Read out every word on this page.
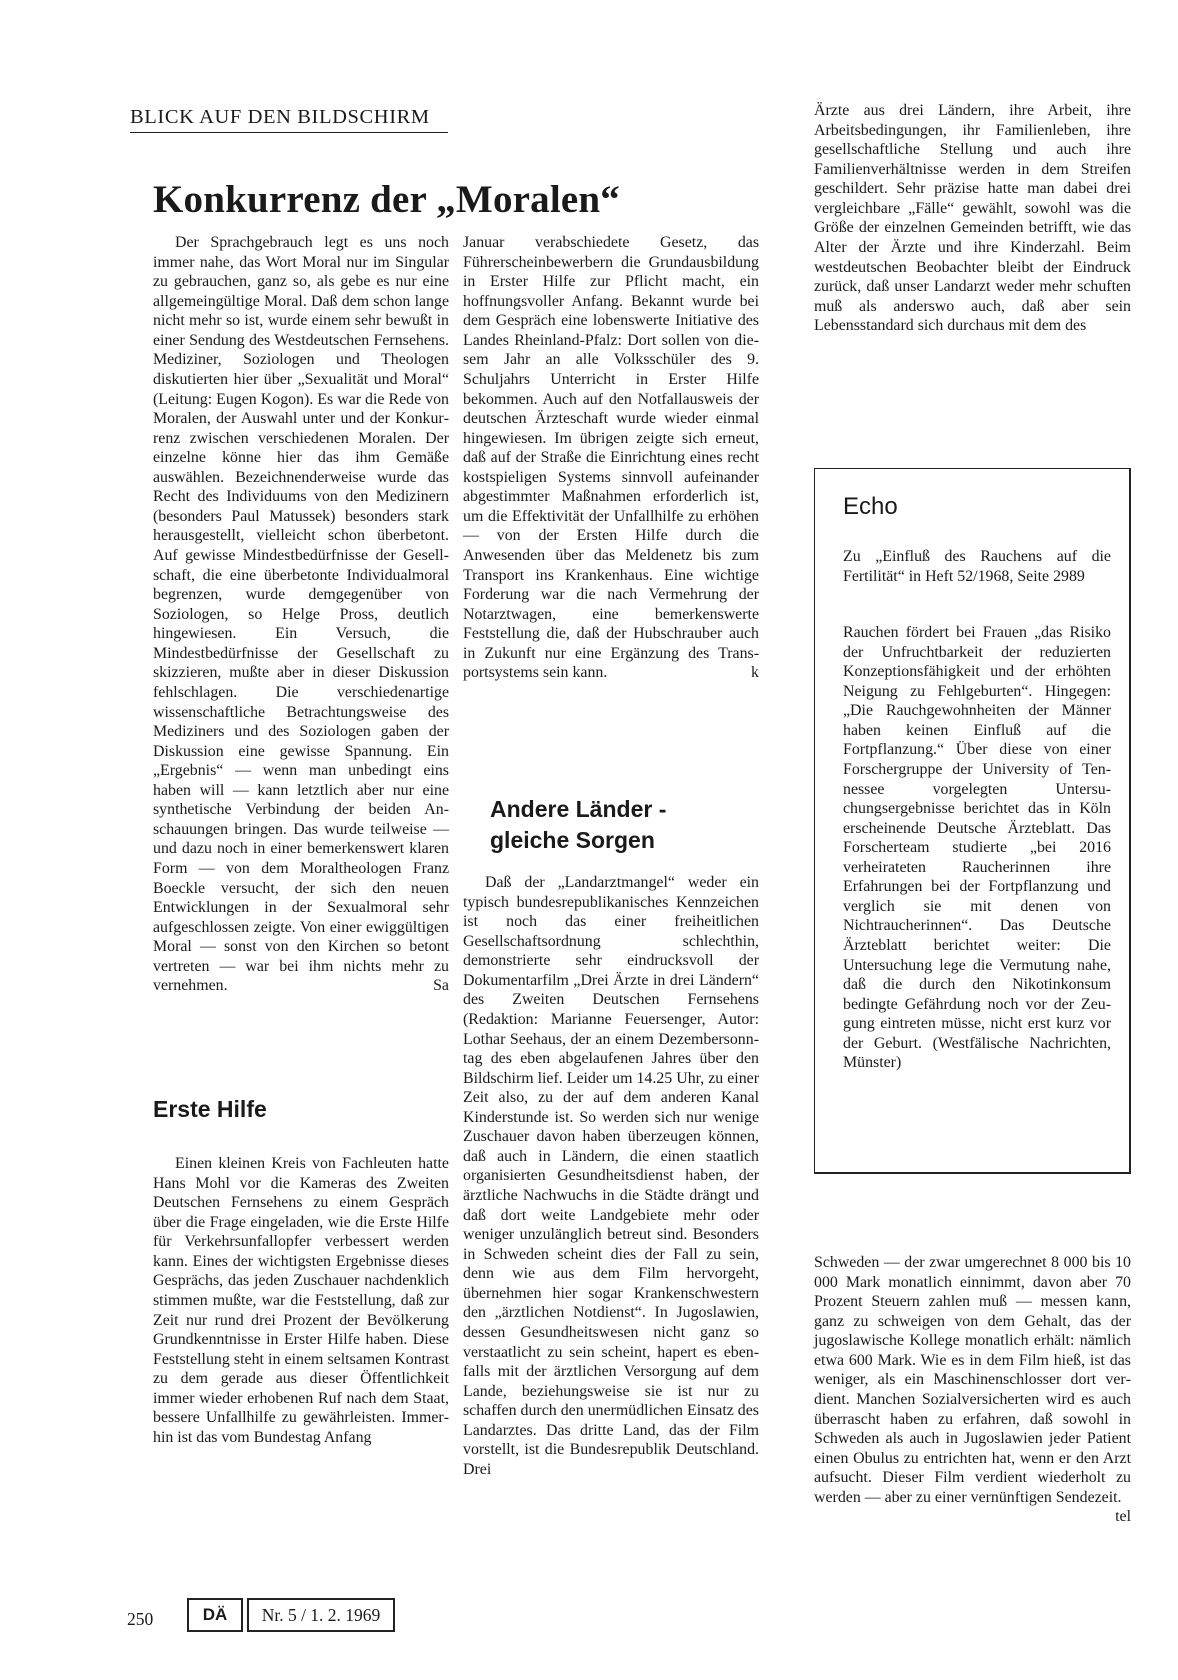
BLICK AUF DEN BILDSCHIRM
Konkurrenz der „Moralen“

Der Sprachgebrauch legt es uns noch immer nahe, das Wort Moral nur im Singular zu gebrauchen, ganz so, als gebe es nur eine allgemeingültige Moral. Daß dem schon lange nicht mehr so ist, wurde einem sehr bewußt in einer Sendung des Westdeutschen Fernsehens. Mediziner, Soziologen und Theologen diskutierten hier über „Sexualität und Moral“ (Leitung: Eugen Kogon). Es war die Rede von Moralen, der Auswahl unter und der Konkurrenz zwischen verschiedenen Moralen. Der einzelne könne hier das ihm Gemäße auswählen. Bezeichnenderweise wurde das Recht des Individuums von den Medizinern (besonders Paul Matussek) besonders stark herausgestellt, vielleicht schon überbetont. Auf gewisse Mindestbedürfnisse der Gesellschaft, die eine überbetonte Individualmoral begrenzen, wurde demgegenüber von Soziologen, so Helge Pross, deutlich hingewiesen. Ein Versuch, die Mindestbedürfnisse der Gesellschaft zu skizzieren, mußte aber in dieser Diskussion fehlschlagen. Die verschiedenartige wissenschaftliche Betrachtungsweise des Mediziners und des Soziologen gaben der Diskussion eine gewisse Spannung. Ein „Ergebnis“ — wenn man unbedingt eins haben will — kann letztlich aber nur eine synthetische Verbindung der beiden Anschauungen bringen. Das wurde teilweise — und dazu noch in einer bemerkenswert klaren Form — von dem Moraltheologen Franz Boeckle versucht, der sich den neuen Entwicklungen in der Sexualmoral sehr aufgeschlossen zeigte. Von einer ewiggültigen Moral — sonst von den Kirchen so betont vertreten — war bei ihm nichts mehr zu vernehmen.	Sa

Erste Hilfe

Einen kleinen Kreis von Fachleuten hatte Hans Mohl vor die Kameras des Zweiten Deutschen Fernsehens zu einem Gespräch über die Frage eingeladen, wie die Erste Hilfe für Verkehrsunfallopfer verbessert werden kann. Eines der wichtigsten Ergebnisse dieses Gesprächs, das jeden Zuschauer nachdenklich stimmen mußte, war die Feststellung, daß zur Zeit nur rund drei Prozent der Bevölkerung Grundkenntnisse in Erster Hilfe haben. Diese Feststellung steht in einem seltsamen Kontrast zu dem gerade aus dieser Öffentlichkeit immer wieder erhobenen Ruf nach dem Staat, bessere Unfallhilfe zu gewährleisten. Immerhin ist das vom Bundestag Anfang

Januar verabschiedete Gesetz, das Führerscheinbewerbern die Grundausbildung in Erster Hilfe zur Pflicht macht, ein hoffnungsvoller Anfang. Bekannt wurde bei dem Gespräch eine lobenswerte Initiative des Landes Rheinland-Pfalz: Dort sollen von diesem Jahr an alle Volksschüler des 9. Schuljahrs Unterricht in Erster Hilfe bekommen. Auch auf den Notfallausweis der deutschen Ärzteschaft wurde wieder einmal hingewiesen. Im übrigen zeigte sich erneut, daß auf der Straße die Einrichtung eines recht kostspieligen Systems sinnvoll aufeinander abgestimmter Maßnahmen erforderlich ist, um die Effektivität der Unfallhilfe zu erhöhen — von der Ersten Hilfe durch die Anwesenden über das Meldenetz bis zum Transport ins Krankenhaus. Eine wichtige Forderung war die nach Vermehrung der Notarztwagen, eine bemerkenswerte Feststellung die, daß der Hubschrauber auch in Zukunft nur eine Ergänzung des Transportsystems sein kann.	k

Andere Länder -
gleiche Sorgen

Daß der „Landarztmangel“ weder ein typisch bundesrepublikanisches Kennzeichen ist noch das einer freiheitlichen Gesellschaftsordnung schlechthin, demonstrierte sehr eindrucksvoll der Dokumentarfilm „Drei Ärzte in drei Ländern“ des Zweiten Deutschen Fernsehens (Redaktion: Marianne Feuersenger, Autor: Lothar Seehaus, der an einem Dezembersonntag des eben abgelaufenen Jahres über den Bildschirm lief. Leider um 14.25 Uhr, zu einer Zeit also, zu der auf dem anderen Kanal Kinderstunde ist. So werden sich nur wenige Zuschauer davon haben überzeugen können, daß auch in Ländern, die einen staatlich organisierten Gesundheitsdienst haben, der ärztliche Nachwuchs in die Städte drängt und daß dort weite Landgebiete mehr oder weniger unzulänglich betreut sind. Besonders in Schweden scheint dies der Fall zu sein, denn wie aus dem Film hervorgeht, übernehmen hier sogar Krankenschwestern den „ärztlichen Notdienst“. In Jugoslawien, dessen Gesundheitswesen nicht ganz so verstaatlicht zu sein scheint, hapert es ebenfalls mit der ärztlichen Versorgung auf dem Lande, beziehungsweise sie ist nur zu schaffen durch den unermüdlichen Einsatz des Landarztes. Das dritte Land, das der Film vorstellt, ist die Bundesrepublik Deutschland. Drei

Ärzte aus drei Ländern, ihre Arbeit, ihre Arbeitsbedingungen, ihr Familienleben, ihre gesellschaftliche Stellung und auch ihre Familienverhältnisse werden in dem Streifen geschildert. Sehr präzise hatte man dabei drei vergleichbare „Fälle“ gewählt, sowohl was die Größe der einzelnen Gemeinden betrifft, wie das Alter der Ärzte und ihre Kinderzahl. Beim westdeutschen Beobachter bleibt der Eindruck zurück, daß unser Landarzt weder mehr schuften muß als anderswo auch, daß aber sein Lebensstandard sich durchaus mit dem des

Echo
Zu „Einfluß des Rauchens auf die Fertilität“ in Heft 52/1968, Seite 2989
Rauchen fördert bei Frauen „das Risiko der Unfruchtbarkeit der reduzierten Konzeptionsfähigkeit und der erhöhten Neigung zu Fehlgeburten“. Hingegen: „Die Rauchgewohnheiten der Männer haben keinen Einfluß auf die Fortpflanzung.“ Über diese von einer Forschergruppe der University of Tennessee vorgelegten Untersuchungsergebnisse berichtet das in Köln erscheinende Deutsche Ärzteblatt. Das Forscherteam studierte „bei 2016 verheirateten Raucherinnen ihre Erfahrungen bei der Fortpflanzung und verglich sie mit denen von Nichtraucherinnen“. Das Deutsche Ärzteblatt berichtet weiter: Die Untersuchung lege die Vermutung nahe, daß die durch den Nikotinkonsum bedingte Gefährdung noch vor der Zeugung eintreten müsse, nicht erst kurz vor der Geburt. (Westfälische Nachrichten, Münster)

Schweden — der zwar umgerechnet 8 000 bis 10 000 Mark monatlich einnimmt, davon aber 70 Prozent Steuern zahlen muß — messen kann, ganz zu schweigen von dem Gehalt, das der jugoslawische Kollege monatlich erhält: nämlich etwa 600 Mark. Wie es in dem Film hieß, ist das weniger, als ein Maschinenschlosser dort verdient. Manchen Sozialversicherten wird es auch überrascht haben zu erfahren, daß sowohl in Schweden als auch in Jugoslawien jeder Patient einen Obulus zu entrichten hat, wenn er den Arzt aufsucht. Dieser Film verdient wiederholt zu werden — aber zu einer vernünftigen Sendezeit.
tel

250	DÄ	Nr. 5 / 1. 2. 1969
